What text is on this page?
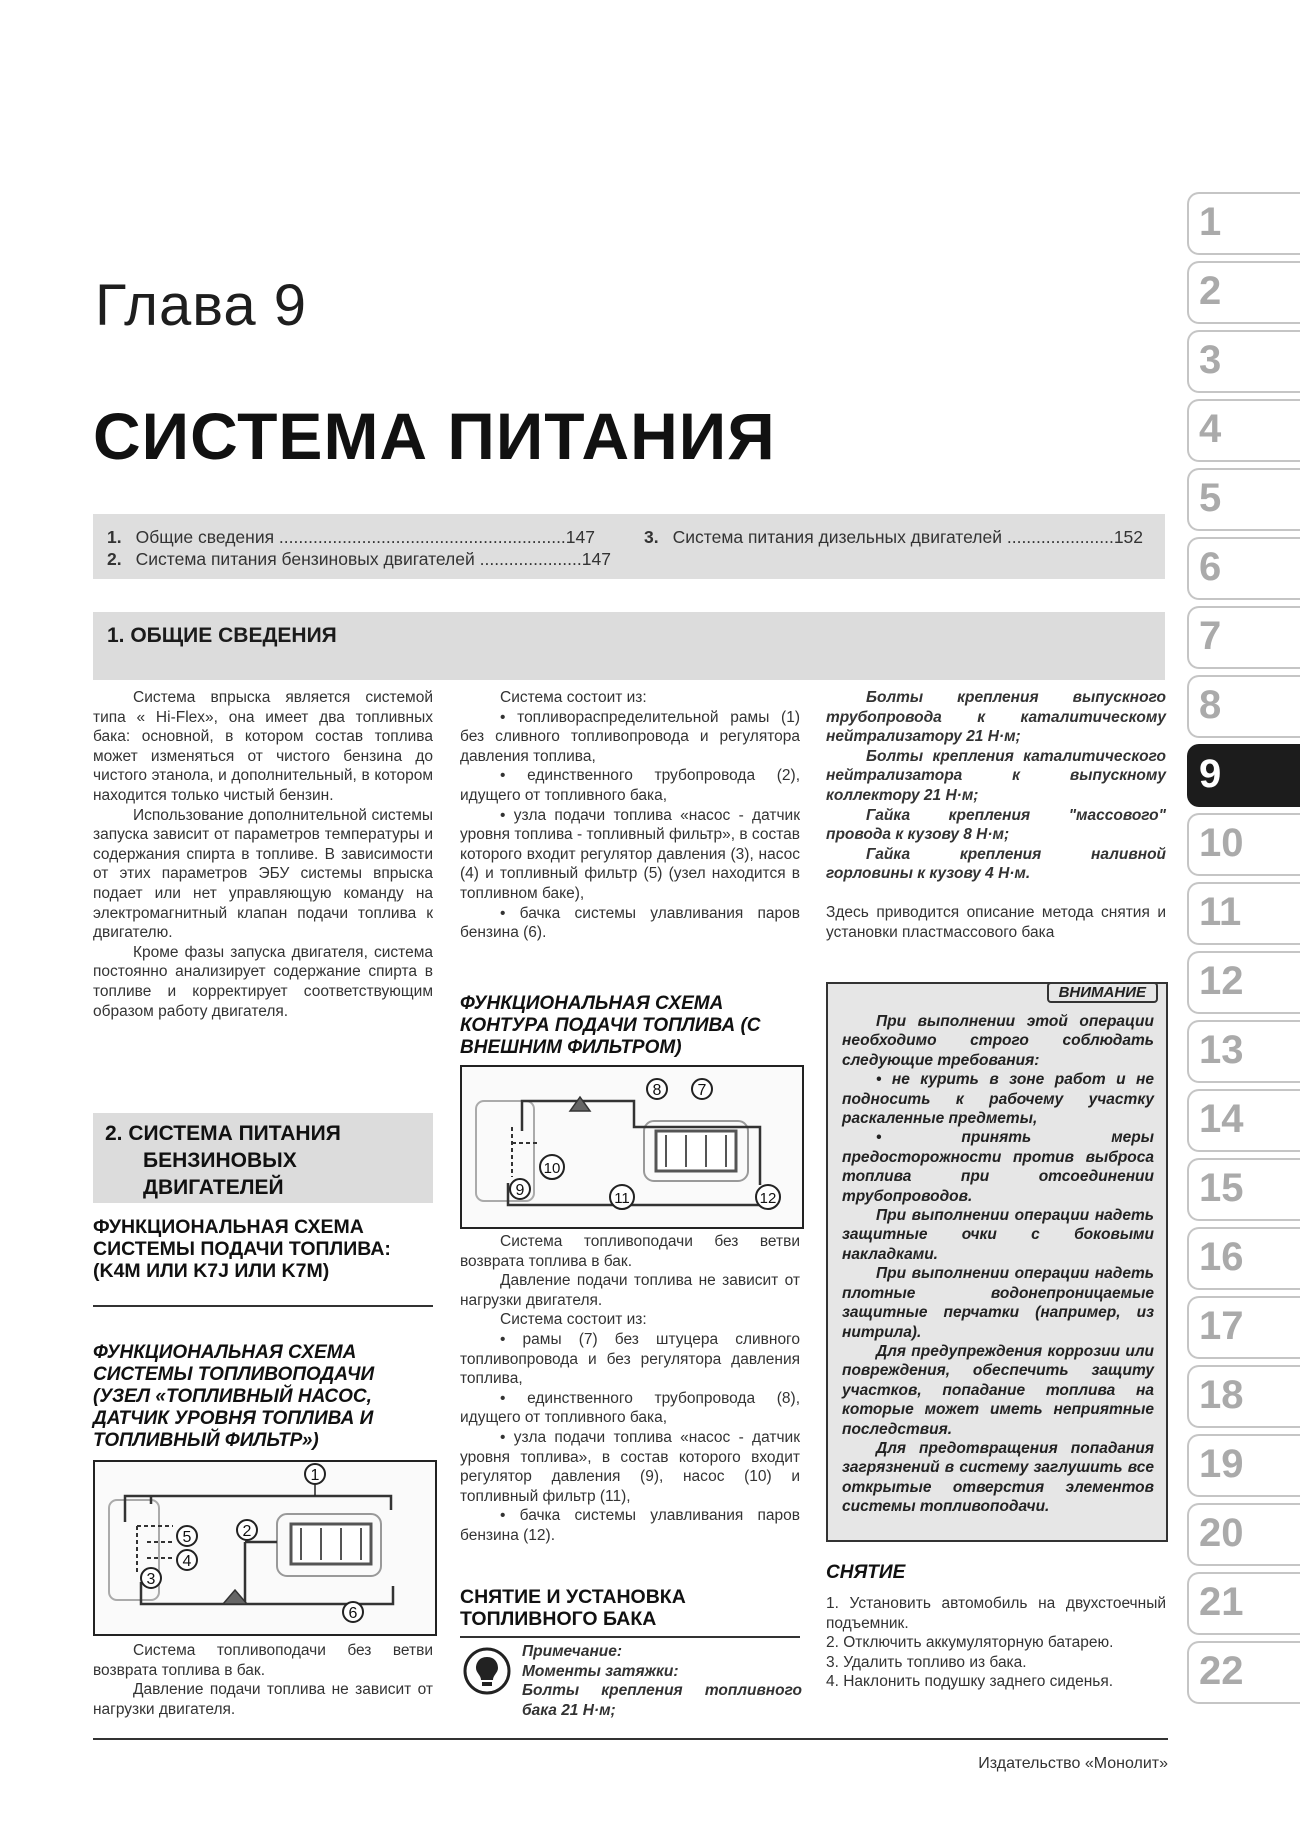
Глава 9
СИСТЕМА ПИТАНИЯ
1. Общие сведения ...........................................................147
2. Система питания бензиновых двигателей .....................147
3. Система питания дизельных двигателей ......................152
1. ОБЩИЕ СВЕДЕНИЯ

Система впрыска является системой типа « Hi-Flex», она имеет два топливных бака: основной, в котором состав топлива может изменяться от чистого бензина до чистого этанола, и дополнительный, в котором находится только чистый бензин.

Использование дополнительной системы запуска зависит от параметров температуры и содержания спирта в топливе. В зависимости от этих параметров ЭБУ системы впрыска подает или нет управляющую команду на электромагнитный клапан подачи топлива к двигателю.

Кроме фазы запуска двигателя, система постоянно анализирует содержание спирта в топливе и корректирует соответствующим образом работу двигателя.

2. СИСТЕМА ПИТАНИЯ
БЕНЗИНОВЫХ
ДВИГАТЕЛЕЙ
ФУНКЦИОНАЛЬНАЯ СХЕМА СИСТЕМЫ ПОДАЧИ ТОПЛИВА: (K4M ИЛИ K7J ИЛИ K7M)
ФУНКЦИОНАЛЬНАЯ СХЕМА СИСТЕМЫ ТОПЛИВОПОДАЧИ (УЗЕЛ «ТОПЛИВНЫЙ НАСОС, ДАТЧИК УРОВНЯ ТОПЛИВА И ТОПЛИВНЫЙ ФИЛЬТР»)
1
2
3
4
5
6

Система топливоподачи без ветви возврата топлива в бак.

Давление подачи топлива не зависит от нагрузки двигателя.

Система состоит из:

• топливораспределительной рамы (1) без сливного топливопровода и регулятора давления топлива,

• единственного трубопровода (2), идущего от топливного бака,

• узла подачи топлива «насос - датчик уровня топлива - топливный фильтр», в состав которого входит регулятор давления (3), насос (4) и топливный фильтр (5) (узел находится в топливном баке),

• бачка системы улавливания паров бензина (6).

ФУНКЦИОНАЛЬНАЯ СХЕМА КОНТУРА ПОДАЧИ ТОПЛИВА (С ВНЕШНИМ ФИЛЬТРОМ)
8 7
9
10
11	12

Система топливоподачи без ветви возврата топлива в бак.

Давление подачи топлива не зависит от нагрузки двигателя.

Система состоит из:

• рамы (7) без штуцера сливного топливопровода и без регулятора давления топлива,

• единственного трубопровода (8), идущего от топливного бака,

• узла подачи топлива «насос - датчик уровня топлива», в состав которого входит регулятор давления (9), насос (10) и топливный фильтр (11),

• бачка системы улавливания паров бензина (12).

СНЯТИЕ И УСТАНОВКА ТОПЛИВНОГО БАКА

Примечание:

Моменты затяжки:

Болты крепления топливного бака 21 Н·м;

Болты крепления выпускного трубопровода к каталитическому нейтрализатору 21 Н·м;

Болты крепления каталитического нейтрализатора к выпускному коллектору 21 Н·м;

Гайка крепления "массового" провода к кузову 8 Н·м;

Гайка крепления наливной горловины к кузову 4 Н·м.

Здесь приводится описание метода снятия и установки пластмассового бака
ВНИМАНИЕ

При выполнении этой операции необходимо строго соблюдать следующие требования:

• не курить в зоне работ и не подносить к рабочему участку раскаленные предметы,

• принять меры предосторожности против выброса топлива при отсоединении трубопроводов.

При выполнении операции надеть защитные очки с боковыми накладками.

При выполнении операции надеть плотные водонепроницаемые защитные перчатки (например, из нитрила).

Для предупреждения коррозии или повреждения, обеспечить защиту участков, попадание топлива на которые может иметь неприятные последствия.

Для предотвращения попадания загрязнений в систему заглушить все открытые отверстия элементов системы топливоподачи.

СНЯТИЕ

1. Установить автомобиль на двухстоечный подъемник.

2. Отключить аккумуляторную батарею.

3. Удалить топливо из бака.

4. Наклонить подушку заднего сиденья.

Издательство «Монолит»
1
2
3
4
5
6
7
8
9
10
11
12
13
14
15
16
17
18
19
20
21
22
